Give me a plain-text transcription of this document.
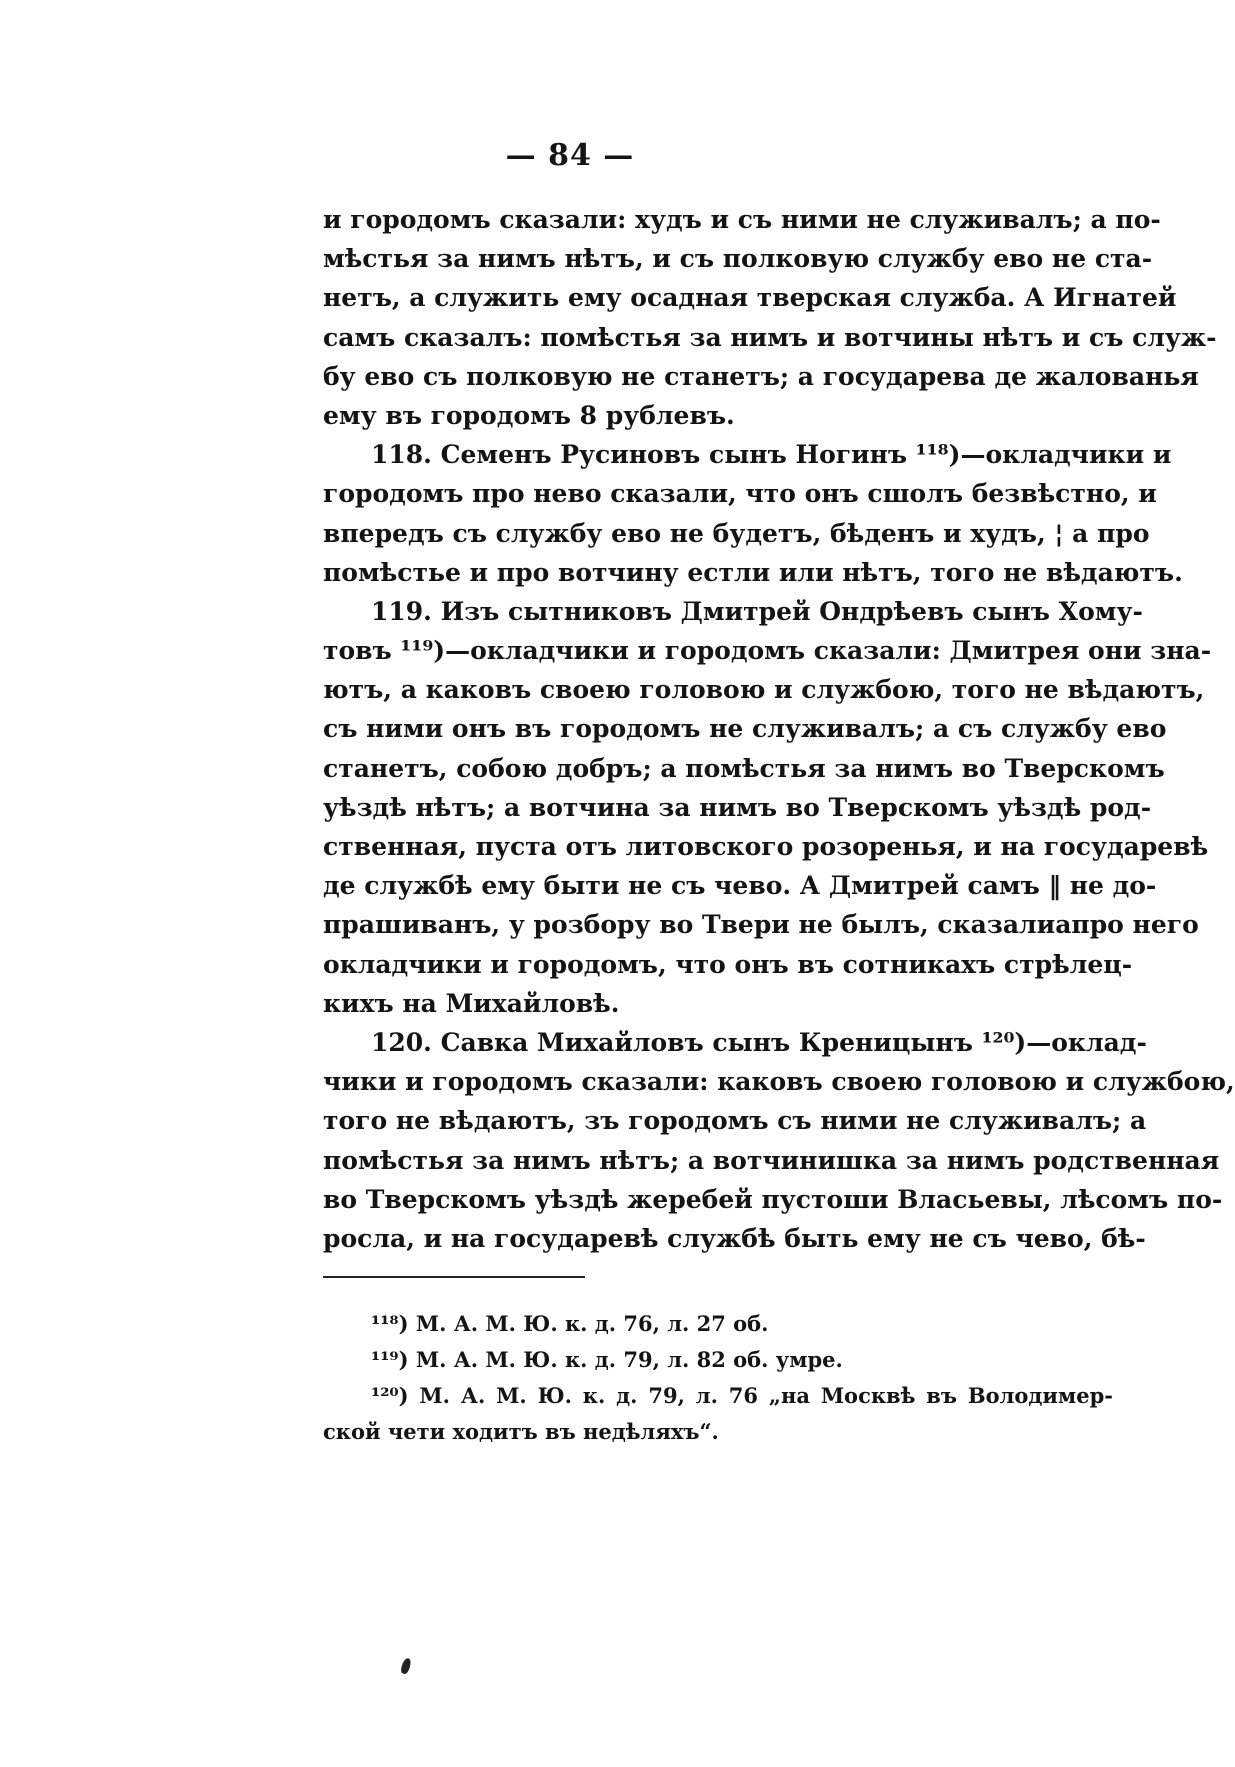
— 84 —
и городомъ сказали: худъ и съ ними не служивалъ; а по-
мѣстья за нимъ нѣтъ, и съ полковую службу ево не ста-
нетъ, а служить ему осадная тверская служба. А Игнатей
самъ сказалъ: помѣстья за нимъ и вотчины нѣтъ и съ служ-
бу ево съ полковую не станетъ; а государева де жалованья
ему въ городомъ 8 рублевъ.
118. Семенъ Русиновъ сынъ Ногинъ ¹¹⁸)—окладчики и
городомъ про нево сказали, что онъ сшолъ безвѣстно, и
впередъ съ службу ево не будетъ, бѣденъ и худъ, ¦ а про
помѣстье и про вотчину естли или нѣтъ, того не вѣдаютъ.
119. Изъ сытниковъ Дмитрей Ондрѣевъ сынъ Хому-
товъ ¹¹⁹)—окладчики и городомъ сказали: Дмитрея они зна-
ютъ, а каковъ своею головою и службою, того не вѣдаютъ,
съ ними онъ въ городомъ не служивалъ; а съ службу ево
станетъ, собою добръ; а помѣстья за нимъ во Тверскомъ
уѣздѣ нѣтъ; а вотчина за нимъ во Тверскомъ уѣздѣ род-
ственная, пуста отъ литовского розоренья, и на государевѣ
де службѣ ему быти не съ чево. А Дмитрей самъ ‖ не до-
прашиванъ, у розбору во Твери не былъ, сказалиапро него
окладчики и городомъ, что онъ въ сотникахъ стрѣлец-
кихъ на Михайловѣ.
120. Савка Михайловъ сынъ Креницынъ ¹²⁰)—оклад-
чики и городомъ сказали: каковъ своею головою и службою,
того не вѣдаютъ, зъ городомъ съ ними не служивалъ; а
помѣстья за нимъ нѣтъ; а вотчинишка за нимъ родственная
во Тверскомъ уѣздѣ жеребей пустоши Власьевы, лѣсомъ по-
росла, и на государевѣ службѣ быть ему не съ чево, бѣ-
¹¹⁸) М. А. М. Ю. к. д. 76, л. 27 об.
¹¹⁹) М. А. М. Ю. к. д. 79, л. 82 об. умре.
¹²⁰) М. А. М. Ю. к. д. 79, л. 76 „на Москвѣ въ Володимер-
ской чети ходитъ въ недѣляхъ“.
